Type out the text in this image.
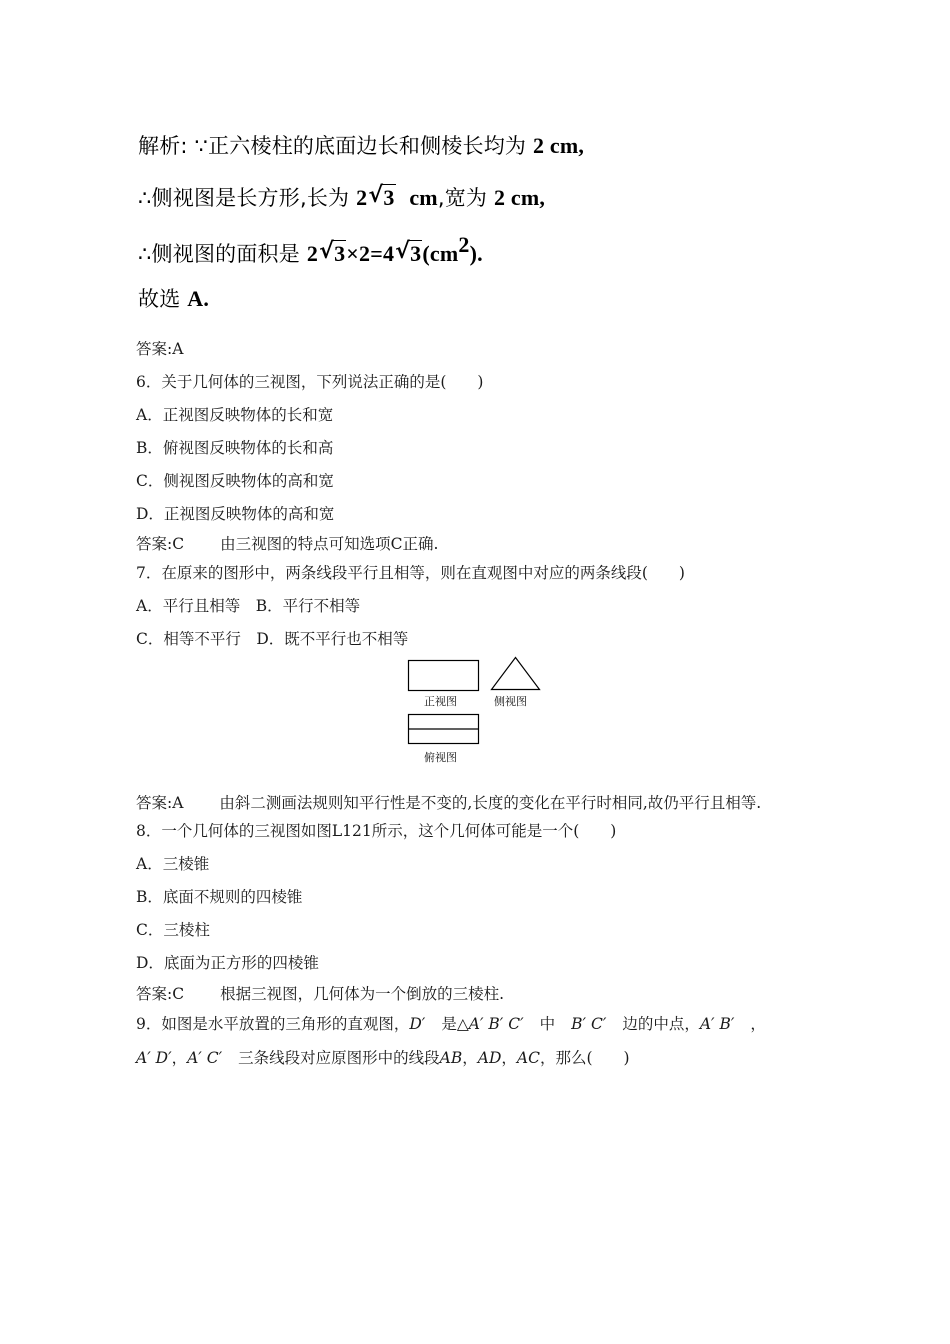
解析: ∵正六棱柱的底面边长和侧棱长均为 2 cm,
∴侧视图是长方形,长为 2 √ 3 cm,宽为 2 cm,
∴侧视图的面积是 2 √ 3×2=4 √ $3(cm^2)$.
故选 A.
答案:A
6．关于几何体的三视图，下列说法正确的是(　　)
A．正视图反映物体的长和宽
B．俯视图反映物体的长和高
C．侧视图反映物体的高和宽
D．正视图反映物体的高和宽
答案:C 由三视图的特点可知选项C正确.
7．在原来的图形中，两条线段平行且相等，则在直观图中对应的两条线段(　　)
A．平行且相等　B．平行不相等
C．相等不平行　D．既不平行也不相等
正视图	侧视图
俯视图
答案:A 由斜二测画法规则知平行性是不变的,长度的变化在平行时相同,故仍平行且相等.
8．一个几何体的三视图如图L121所示，这个几何体可能是一个(　　)
A．三棱锥
B．底面不规则的四棱锥
C．三棱柱
D．底面为正方形的四棱锥
答案:C 根据三视图，几何体为一个倒放的三棱柱.
9．如图是水平放置的三角形的直观图，D′ 是△A′ B′ C′ 中 B′ C′ 边的中点，A′ B′ ，
A′ D′，A′ C′ 三条线段对应原图形中的线段AB，AD，AC，那么(　　)
